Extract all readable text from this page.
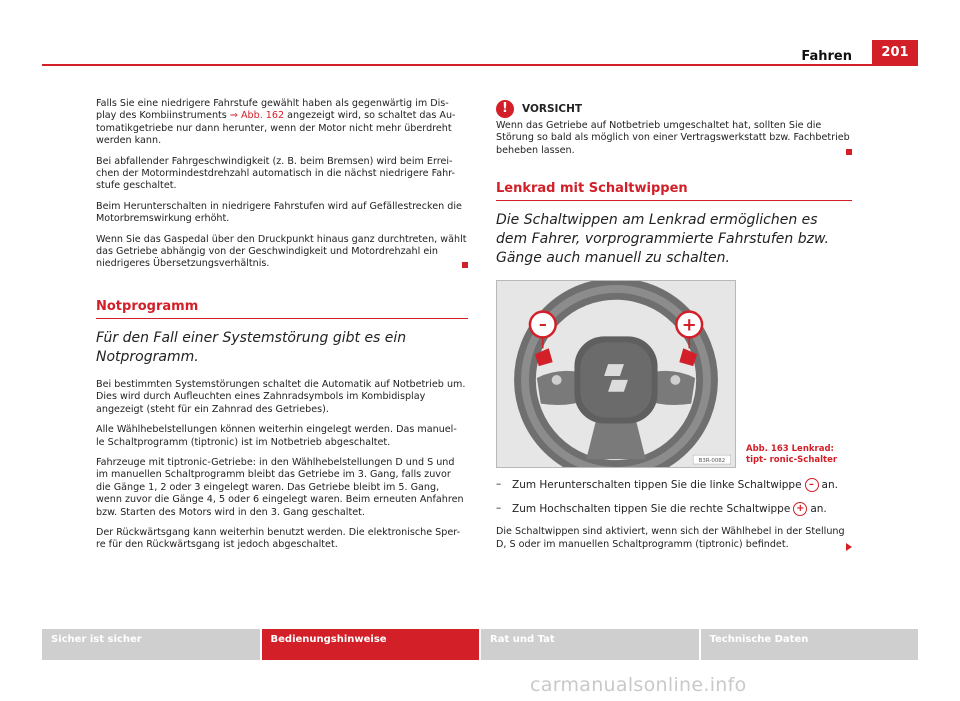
Fahren	201

Falls Sie eine niedrigere Fahrstufe gewählt haben als gegenwärtig im Dis- play des Kombiinstruments ⇒ Abb. 162 angezeigt wird, so schaltet das Au- tomatikgetriebe nur dann herunter, wenn der Motor nicht mehr überdreht werden kann.

Bei abfallender Fahrgeschwindigkeit (z. B. beim Bremsen) wird beim Errei- chen der Motormindestdrehzahl automatisch in die nächst niedrigere Fahr- stufe geschaltet.

Beim Herunterschalten in niedrigere Fahrstufen wird auf Gefällestrecken die Motorbremswirkung erhöht.

Wenn Sie das Gaspedal über den Druckpunkt hinaus ganz durchtreten, wählt das Getriebe abhängig von der Geschwindigkeit und Motordrehzahl ein niedrigeres Übersetzungsverhältnis.

Notprogramm
Für den Fall einer Systemstörung gibt es ein Notprogramm.

Bei bestimmten Systemstörungen schaltet die Automatik auf Notbetrieb um. Dies wird durch Aufleuchten eines Zahnradsymbols im Kombidisplay angezeigt (steht für ein Zahnrad des Getriebes).

Alle Wählhebelstellungen können weiterhin eingelegt werden. Das manuel- le Schaltprogramm (tiptronic) ist im Notbetrieb abgeschaltet.

Fahrzeuge mit tiptronic-Getriebe: in den Wählhebelstellungen D und S und im manuellen Schaltprogramm bleibt das Getriebe im 3. Gang, falls zuvor die Gänge 1, 2 oder 3 eingelegt waren. Das Getriebe bleibt im 5. Gang, wenn zuvor die Gänge 4, 5 oder 6 eingelegt waren. Beim erneuten Anfahren bzw. Starten des Motors wird in den 3. Gang geschaltet.

Der Rückwärtsgang kann weiterhin benutzt werden. Die elektronische Sper- re für den Rückwärtsgang ist jedoch abgeschaltet.

!	VORSICHT

Wenn das Getriebe auf Notbetrieb umgeschaltet hat, sollten Sie die Störung so bald als möglich von einer Vertragswerkstatt bzw. Fachbetrieb beheben lassen.

Lenkrad mit Schaltwippen
Die Schaltwippen am Lenkrad ermöglichen es dem Fahrer, vorprogrammierte Fahrstufen bzw. Gänge auch manuell zu schalten.
–	+
B3R-0082
Abb. 163 Lenkrad: tipt- ronic-Schalter
–	Zum Herunterschalten tippen Sie die linke Schaltwippe – an.
–	Zum Hochschalten tippen Sie die rechte Schaltwippe + an.

Die Schaltwippen sind aktiviert, wenn sich der Wählhebel in der Stellung D, S oder im manuellen Schaltprogramm (tiptronic) befindet.

Sicher ist sicher	Bedienungshinweise	Rat und Tat	Technische Daten
carmanualsonline.info
